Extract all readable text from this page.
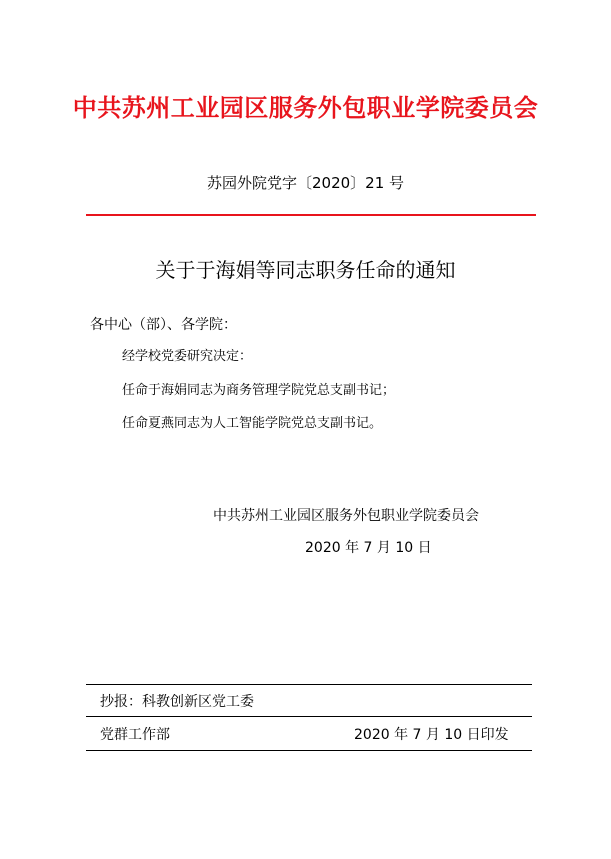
中共苏州工业园区服务外包职业学院委员会
苏园外院党字〔2020〕21 号
关于于海娟等同志职务任命的通知
各中心（部）、各学院：
经学校党委研究决定：
任命于海娟同志为商务管理学院党总支副书记；
任命夏燕同志为人工智能学院党总支副书记。
中共苏州工业园区服务外包职业学院委员会
2020 年 7 月 10 日
抄报：科教创新区党工委
党群工作部	2020 年 7 月 10 日印发
